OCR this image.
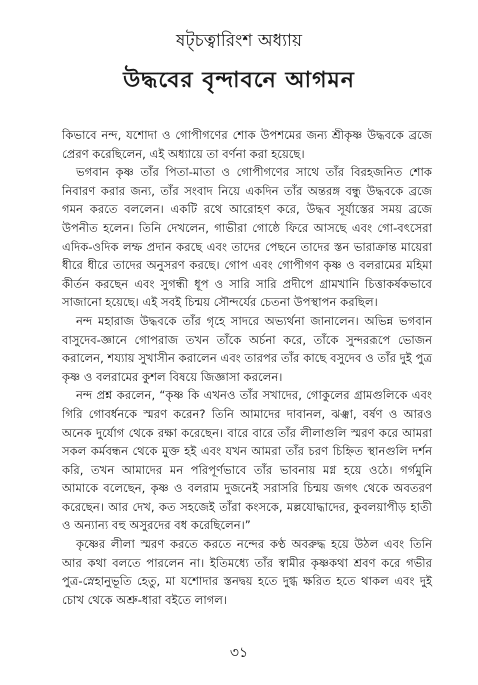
ষট্চত্বারিংশ অধ্যায়
উদ্ধবের বৃন্দাবনে আগমন

কিভাবে নন্দ, যশোদা ও গোপীগণের শোক উপশমের জন্য শ্রীকৃষ্ণ উদ্ধবকে ব্রজে প্রেরণ করেছিলেন, এই অধ্যায়ে তা বর্ণনা করা হয়েছে।

ভগবান কৃষ্ণ তাঁর পিতা-মাতা ও গোপীগণের সাথে তাঁর বিরহজনিত শোক নিবারণ করার জন্য, তাঁর সংবাদ নিয়ে একদিন তাঁর অন্তরঙ্গ বন্ধু উদ্ধবকে ব্রজে গমন করতে বললেন। একটি রথে আরোহণ করে, উদ্ধব সূর্যাস্তের সময় ব্রজে উপনীত হলেন। তিনি দেখলেন, গাভীরা গোষ্ঠে ফিরে আসছে এবং গো-বৎসেরা এদিক-ওদিক লম্ফ প্রদান করছে এবং তাদের পেছনে তাদের স্তন ভারাক্রান্ত মায়েরা ধীরে ধীরে তাদের অনুসরণ করছে। গোপ এবং গোপীগণ কৃষ্ণ ও বলরামের মহিমা কীর্তন করছেন এবং সুগন্ধী ধূপ ও সারি সারি প্রদীপে গ্রামখানি চিত্তাকর্ষকভাবে সাজানো হয়েছে। এই সবই চিন্ময় সৌন্দর্যের চেতনা উপস্থাপন করছিল।

নন্দ মহারাজ উদ্ধবকে তাঁর গৃহে সাদরে অভ্যর্থনা জানালেন। অভিন্ন ভগবান বাসুদেব-জ্ঞানে গোপরাজ তখন তাঁকে অর্চনা করে, তাঁকে সুন্দররূপে ভোজন করালেন, শয্যায় সুখাসীন করালেন এবং তারপর তাঁর কাছে বসুদেব ও তাঁর দুই পুত্র কৃষ্ণ ও বলরামের কুশল বিষয়ে জিজ্ঞাসা করলেন।

নন্দ প্রশ্ন করলেন, “কৃষ্ণ কি এখনও তাঁর সখাদের, গোকুলের গ্রামগুলিকে এবং গিরি গোবর্ধনকে স্মরণ করেন? তিনি আমাদের দাবানল, ঝঞ্ঝা, বর্ষণ ও আরও অনেক দুর্যোগ থেকে রক্ষা করেছেন। বারে বারে তাঁর লীলাগুলি স্মরণ করে আমরা সকল কর্মবন্ধন থেকে মুক্ত হই এবং যখন আমরা তাঁর চরণ চিহ্নিত স্থানগুলি দর্শন করি, তখন আমাদের মন পরিপূর্ণভাবে তাঁর ভাবনায় মগ্ন হয়ে ওঠে। গর্গমুনি আমাকে বলেছেন, কৃষ্ণ ও বলরাম দুজনেই সরাসরি চিন্ময় জগৎ থেকে অবতরণ করেছেন। আর দেখ, কত সহজেই তাঁরা কংসকে, মল্লযোদ্ধাদের, কুবলয়াপীড় হাতী ও অন্যান্য বহু অসুরদের বধ করেছিলেন।”

কৃষ্ণের লীলা স্মরণ করতে করতে নন্দের কণ্ঠ অবরুদ্ধ হয়ে উঠল এবং তিনি আর কথা বলতে পারলেন না। ইতিমধ্যে তাঁর স্বামীর কৃষ্ণকথা শ্রবণ করে গভীর পুত্র-স্নেহানুভূতি হেতু, মা যশোদার স্তনদ্বয় হতে দুগ্ধ ক্ষরিত হতে থাকল এবং দুই চোখ থেকে অশ্রু-ধারা বইতে লাগল।

৩১
